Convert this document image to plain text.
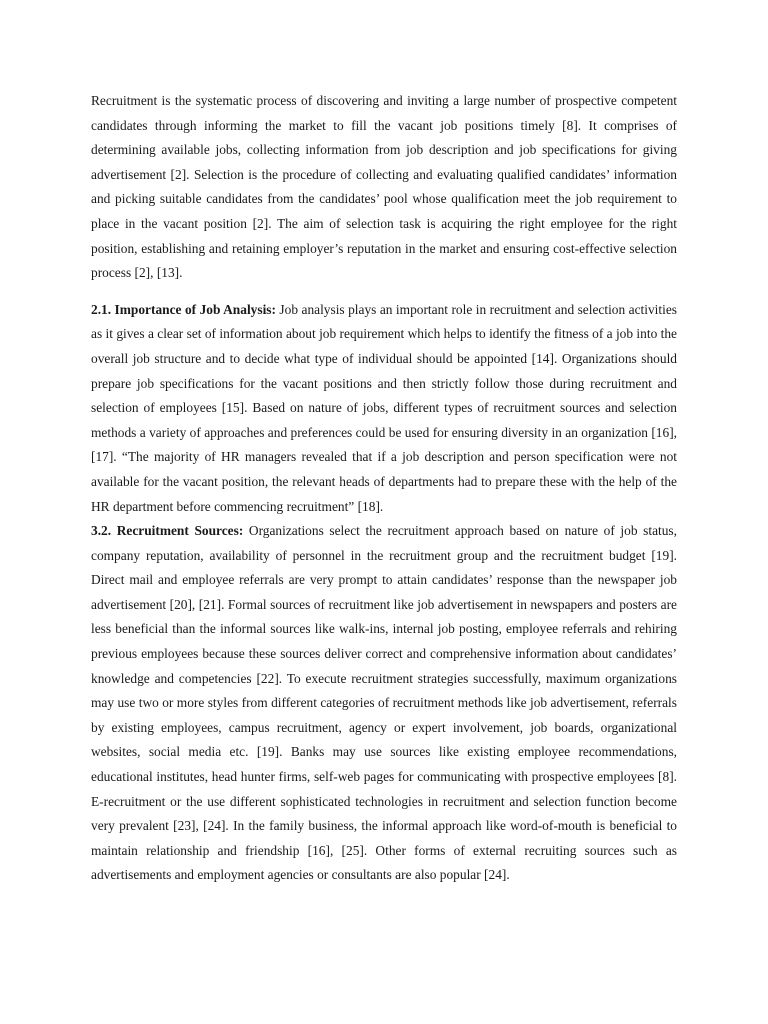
Recruitment is the systematic process of discovering and inviting a large number of prospective competent candidates through informing the market to fill the vacant job positions timely [8]. It comprises of determining available jobs, collecting information from job description and job specifications for giving advertisement [2]. Selection is the procedure of collecting and evaluating qualified candidates’ information and picking suitable candidates from the candidates’ pool whose qualification meet the job requirement to place in the vacant position [2]. The aim of selection task is acquiring the right employee for the right position, establishing and retaining employer’s reputation in the market and ensuring cost-effective selection process [2], [13].

2.1. Importance of Job Analysis: Job analysis plays an important role in recruitment and selection activities as it gives a clear set of information about job requirement which helps to identify the fitness of a job into the overall job structure and to decide what type of individual should be appointed [14]. Organizations should prepare job specifications for the vacant positions and then strictly follow those during recruitment and selection of employees [15]. Based on nature of jobs, different types of recruitment sources and selection methods a variety of approaches and preferences could be used for ensuring diversity in an organization [16], [17]. “The majority of HR managers revealed that if a job description and person specification were not available for the vacant position, the relevant heads of departments had to prepare these with the help of the HR department before commencing recruitment” [18].

3.2. Recruitment Sources: Organizations select the recruitment approach based on nature of job status, company reputation, availability of personnel in the recruitment group and the recruitment budget [19]. Direct mail and employee referrals are very prompt to attain candidates’ response than the newspaper job advertisement [20], [21]. Formal sources of recruitment like job advertisement in newspapers and posters are less beneficial than the informal sources like walk-ins, internal job posting, employee referrals and rehiring previous employees because these sources deliver correct and comprehensive information about candidates’ knowledge and competencies [22]. To execute recruitment strategies successfully, maximum organizations may use two or more styles from different categories of recruitment methods like job advertisement, referrals by existing employees, campus recruitment, agency or expert involvement, job boards, organizational websites, social media etc. [19]. Banks may use sources like existing employee recommendations, educational institutes, head hunter firms, self-web pages for communicating with prospective employees [8]. E-recruitment or the use different sophisticated technologies in recruitment and selection function become very prevalent [23], [24]. In the family business, the informal approach like word-of-mouth is beneficial to maintain relationship and friendship [16], [25]. Other forms of external recruiting sources such as advertisements and employment agencies or consultants are also popular [24].
